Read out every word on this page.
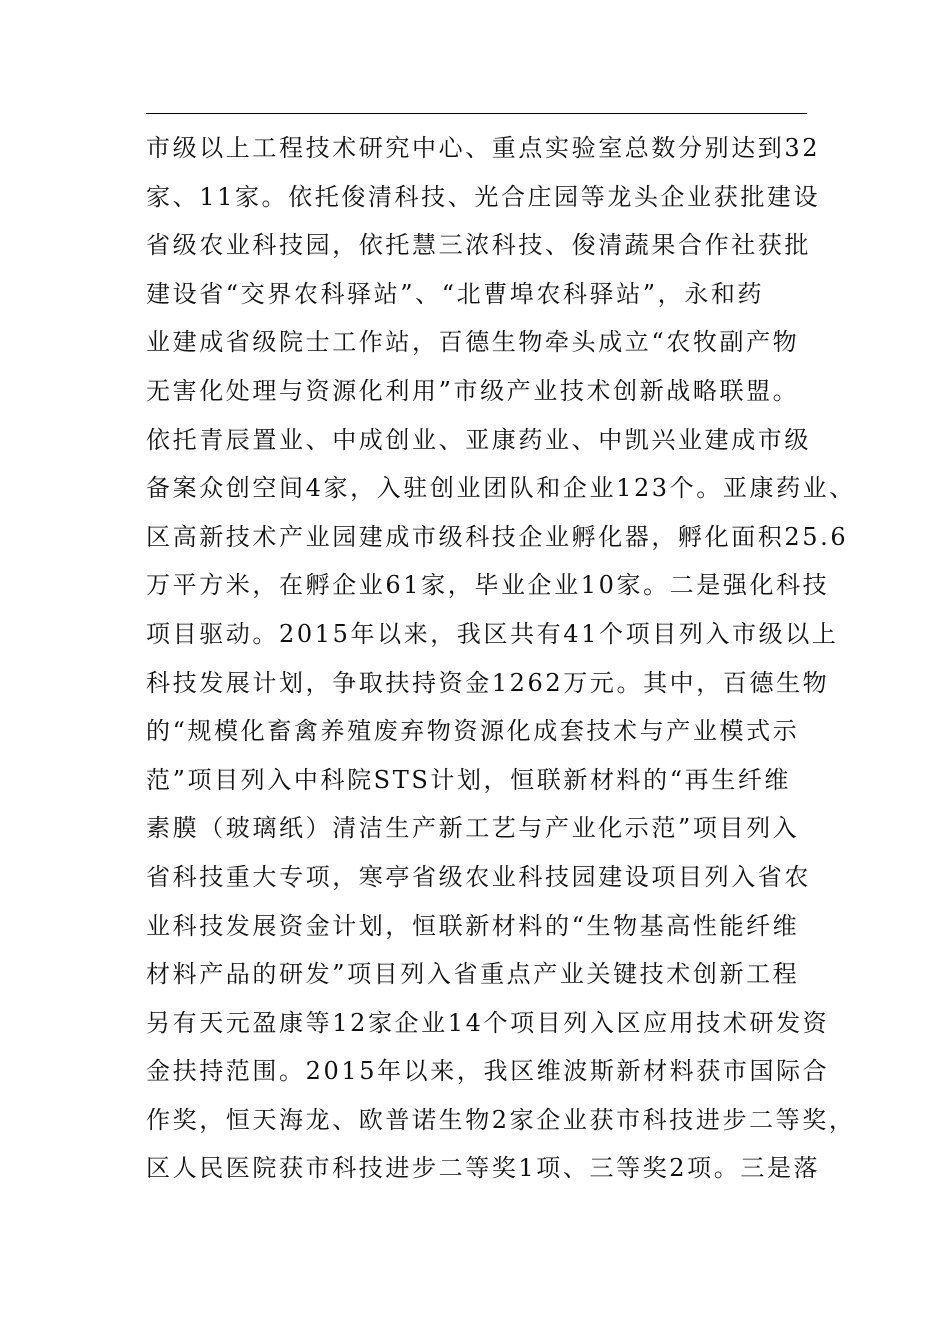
市级以上工程技术研究中心、重点实验室总数分别达到32
家、11家。依托俊清科技、光合庄园等龙头企业获批建设
省级农业科技园，依托慧三浓科技、俊清蔬果合作社获批
建设省“交界农科驿站”、“北曹埠农科驿站”，永和药
业建成省级院士工作站，百德生物牵头成立“农牧副产物
无害化处理与资源化利用”市级产业技术创新战略联盟。
依托青辰置业、中成创业、亚康药业、中凯兴业建成市级
备案众创空间4家，入驻创业团队和企业123个。亚康药业、
区高新技术产业园建成市级科技企业孵化器，孵化面积25.6
万平方米，在孵企业61家，毕业企业10家。二是强化科技
项目驱动。2015年以来，我区共有41个项目列入市级以上
科技发展计划，争取扶持资金1262万元。其中，百德生物
的“规模化畜禽养殖废弃物资源化成套技术与产业模式示
范”项目列入中科院STS计划，恒联新材料的“再生纤维
素膜（玻璃纸）清洁生产新工艺与产业化示范”项目列入
省科技重大专项，寒亭省级农业科技园建设项目列入省农
业科技发展资金计划，恒联新材料的“生物基高性能纤维
材料产品的研发”项目列入省重点产业关键技术创新工程
另有天元盈康等12家企业14个项目列入区应用技术研发资
金扶持范围。2015年以来，我区维波斯新材料获市国际合
作奖，恒天海龙、欧普诺生物2家企业获市科技进步二等奖，
区人民医院获市科技进步二等奖1项、三等奖2项。三是落
